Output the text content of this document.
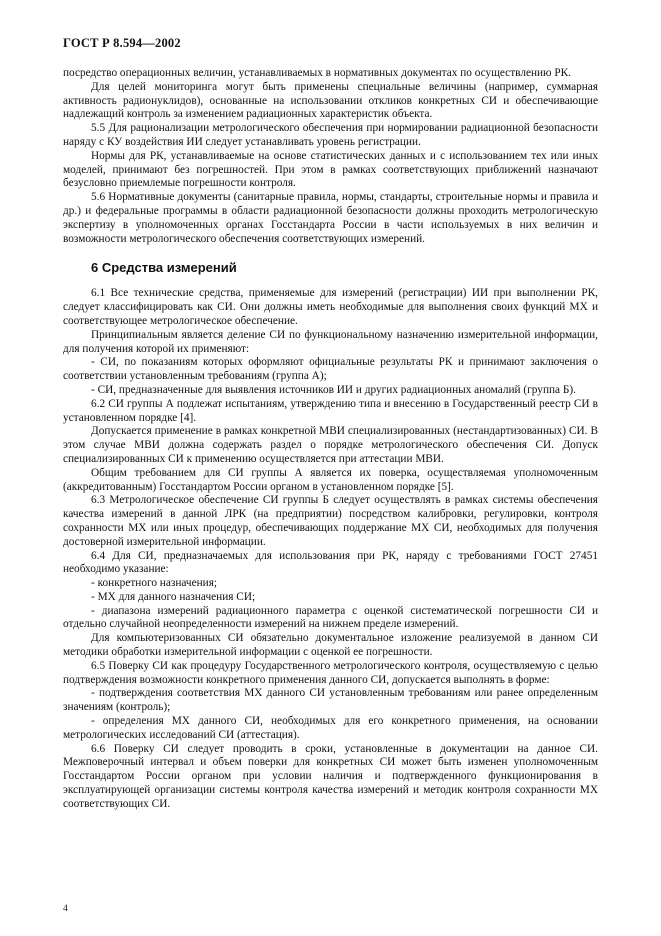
ГОСТ Р 8.594—2002

посредство операционных величин, устанавливаемых в нормативных документах по осуществлению РК.

Для целей мониторинга могут быть применены специальные величины (например, суммарная активность радионуклидов), основанные на использовании откликов конкретных СИ и обеспечивающие надлежащий контроль за изменением радиационных характеристик объекта.

5.5 Для рационализации метрологического обеспечения при нормировании радиационной безопасности наряду с КУ воздействия ИИ следует устанавливать уровень регистрации.

Нормы для РК, устанавливаемые на основе статистических данных и с использованием тех или иных моделей, принимают без погрешностей. При этом в рамках соответствующих приближений назначают безусловно приемлемые погрешности контроля.

5.6 Нормативные документы (санитарные правила, нормы, стандарты, строительные нормы и правила и др.) и федеральные программы в области радиационной безопасности должны проходить метрологическую экспертизу в уполномоченных органах Госстандарта России в части используемых в них величин и возможности метрологического обеспечения соответствующих измерений.

6 Средства измерений

6.1 Все технические средства, применяемые для измерений (регистрации) ИИ при выполнении РК, следует классифицировать как СИ. Они должны иметь необходимые для выполнения своих функций МХ и соответствующее метрологическое обеспечение.

Принципиальным является деление СИ по функциональному назначению измерительной информации, для получения которой их применяют:

- СИ, по показаниям которых оформляют официальные результаты РК и принимают заключения о соответствии установленным требованиям (группа А);

- СИ, предназначенные для выявления источников ИИ и других радиационных аномалий (группа Б).

6.2 СИ группы А подлежат испытаниям, утверждению типа и внесению в Государственный реестр СИ в установленном порядке [4].

Допускается применение в рамках конкретной МВИ специализированных (нестандартизованных) СИ. В этом случае МВИ должна содержать раздел о порядке метрологического обеспечения СИ. Допуск специализированных СИ к применению осуществляется при аттестации МВИ.

Общим требованием для СИ группы А является их поверка, осуществляемая уполномоченным (аккредитованным) Госстандартом России органом в установленном порядке [5].

6.3 Метрологическое обеспечение СИ группы Б следует осуществлять в рамках системы обеспечения качества измерений в данной ЛРК (на предприятии) посредством калибровки, регулировки, контроля сохранности МХ или иных процедур, обеспечивающих поддержание МХ СИ, необходимых для получения достоверной измерительной информации.

6.4 Для СИ, предназначаемых для использования при РК, наряду с требованиями ГОСТ 27451 необходимо указание:

- конкретного назначения;

- МХ для данного назначения СИ;

- диапазона измерений радиационного параметра с оценкой систематической погрешности СИ и отдельно случайной неопределенности измерений на нижнем пределе измерений.

Для компьютеризованных СИ обязательно документальное изложение реализуемой в данном СИ методики обработки измерительной информации с оценкой ее погрешности.

6.5 Поверку СИ как процедуру Государственного метрологического контроля, осуществляемую с целью подтверждения возможности конкретного применения данного СИ, допускается выполнять в форме:

- подтверждения соответствия МХ данного СИ установленным требованиям или ранее определенным значениям (контроль);

- определения МХ данного СИ, необходимых для его конкретного применения, на основании метрологических исследований СИ (аттестация).

6.6 Поверку СИ следует проводить в сроки, установленные в документации на данное СИ. Межповерочный интервал и объем поверки для конкретных СИ может быть изменен уполномоченным Госстандартом России органом при условии наличия и подтвержденного функционирования в эксплуатирующей организации системы контроля качества измерений и методик контроля сохранности МХ соответствующих СИ.

4
